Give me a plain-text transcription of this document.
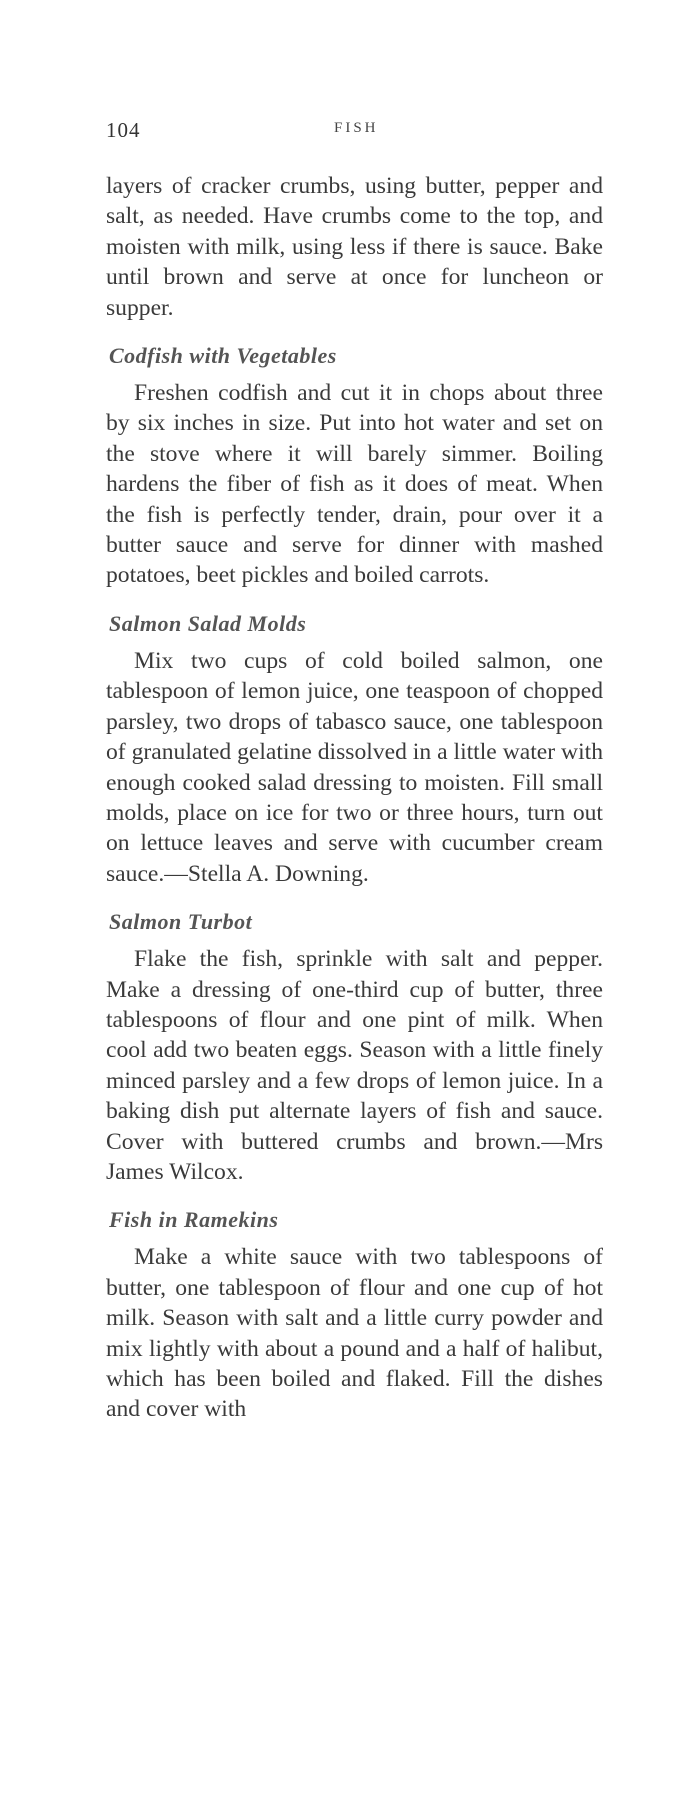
104	FISH

layers of cracker crumbs, using butter, pepper and salt, as needed. Have crumbs come to the top, and moisten with milk, using less if there is sauce. Bake until brown and serve at once for luncheon or supper.

Codfish with Vegetables

Freshen codfish and cut it in chops about three by six inches in size. Put into hot water and set on the stove where it will barely simmer. Boiling hardens the fiber of fish as it does of meat. When the fish is perfectly tender, drain, pour over it a butter sauce and serve for dinner with mashed potatoes, beet pickles and boiled carrots.

Salmon Salad Molds

Mix two cups of cold boiled salmon, one tablespoon of lemon juice, one teaspoon of chopped parsley, two drops of tabasco sauce, one tablespoon of granulated gelatine dissolved in a little water with enough cooked salad dressing to moisten. Fill small molds, place on ice for two or three hours, turn out on lettuce leaves and serve with cucumber cream sauce.—Stella A. Downing.

Salmon Turbot

Flake the fish, sprinkle with salt and pepper. Make a dressing of one-third cup of butter, three tablespoons of flour and one pint of milk. When cool add two beaten eggs. Season with a little finely minced parsley and a few drops of lemon juice. In a baking dish put alternate layers of fish and sauce. Cover with buttered crumbs and brown.—Mrs James Wilcox.

Fish in Ramekins

Make a white sauce with two tablespoons of butter, one tablespoon of flour and one cup of hot milk. Season with salt and a little curry powder and mix lightly with about a pound and a half of halibut, which has been boiled and flaked. Fill the dishes and cover with
